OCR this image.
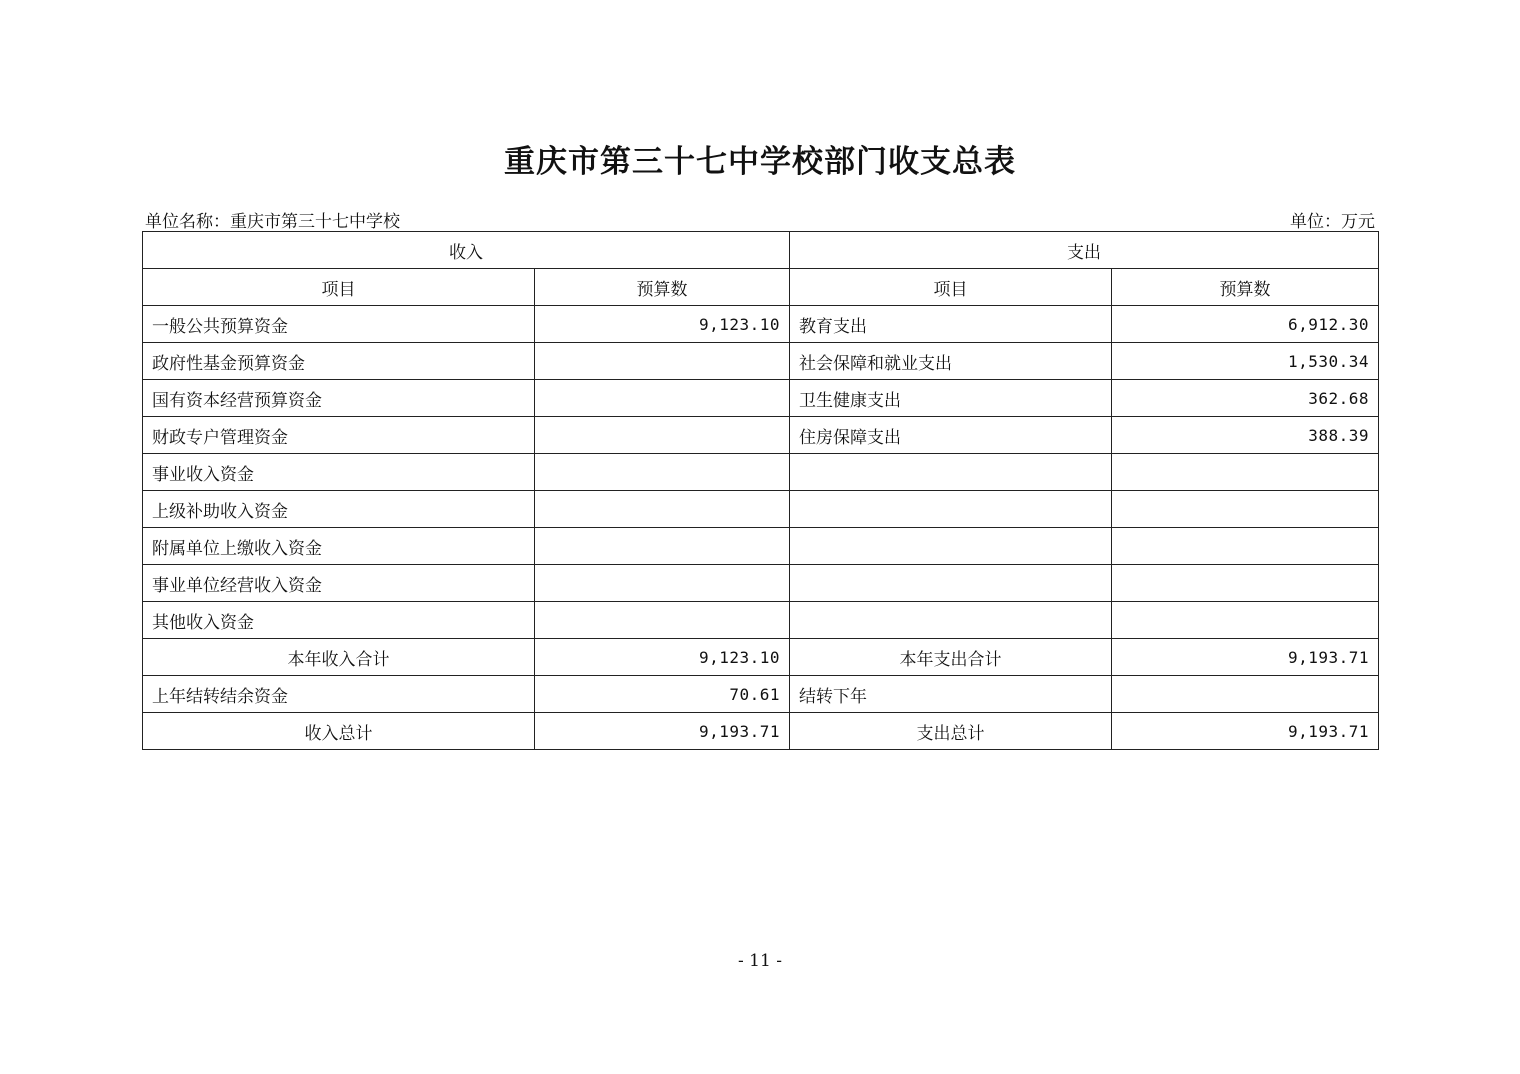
重庆市第三十七中学校部门收支总表
单位名称：重庆市第三十七中学校	单位：万元
收入		支出	
项目	预算数	项目	预算数
一般公共预算资金	9,123.10	教育支出	6,912.30
政府性基金预算资金		社会保障和就业支出	1,530.34
国有资本经营预算资金		卫生健康支出	362.68
财政专户管理资金		住房保障支出	388.39
事业收入资金			
上级补助收入资金			
附属单位上缴收入资金			
事业单位经营收入资金			
其他收入资金			
本年收入合计	9,123.10	本年支出合计	9,193.71
上年结转结余资金	70.61	结转下年	
收入总计	9,193.71	支出总计	9,193.71
- 11 -
